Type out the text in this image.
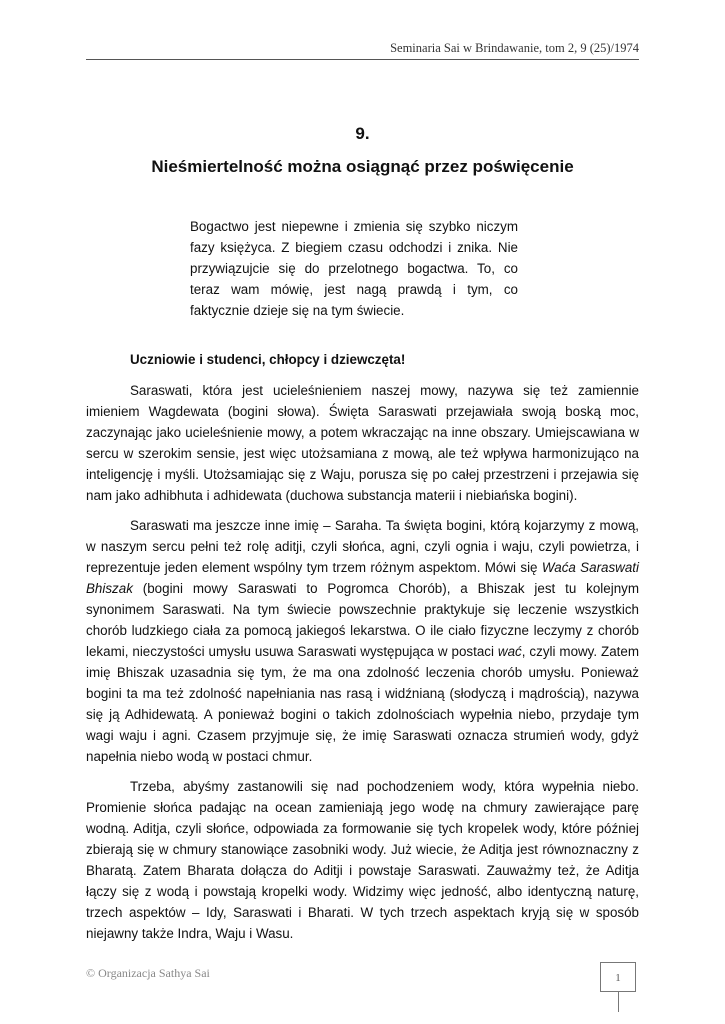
Seminaria Sai w Brindawanie, tom 2, 9 (25)/1974
9.
Nieśmiertelność można osiągnąć przez poświęcenie

Bogactwo jest niepewne i zmienia się szybko niczym fazy księżyca. Z biegiem czasu odchodzi i znika. Nie przywiązujcie się do przelotnego bogactwa. To, co teraz wam mówię, jest nagą prawdą i tym, co faktycznie dzieje się na tym świecie.

Uczniowie i studenci, chłopcy i dziewczęta!

Saraswati, która jest ucieleśnieniem naszej mowy, nazywa się też zamiennie imieniem Wagdewata (bogini słowa). Święta Saraswati przejawiała swoją boską moc, zaczynając jako ucieleśnienie mowy, a potem wkraczając na inne obszary. Umiejscawiana w sercu w szerokim sensie, jest więc utożsamiana z mową, ale też wpływa harmonizująco na inteligencję i myśli. Utożsamiając się z Waju, porusza się po całej przestrzeni i przejawia się nam jako adhibhuta i adhidewata (duchowa substancja materii i niebiańska bogini).

Saraswati ma jeszcze inne imię – Saraha. Ta święta bogini, którą kojarzymy z mową, w naszym sercu pełni też rolę aditji, czyli słońca, agni, czyli ognia i waju, czyli powietrza, i reprezentuje jeden element wspólny tym trzem różnym aspektom. Mówi się Waća Saraswati Bhiszak (bogini mowy Saraswati to Pogromca Chorób), a Bhiszak jest tu kolejnym synonimem Saraswati. Na tym świecie powszechnie praktykuje się leczenie wszystkich chorób ludzkiego ciała za pomocą jakiegoś lekarstwa. O ile ciało fizyczne leczymy z chorób lekami, nieczystości umysłu usuwa Saraswati występująca w postaci wać, czyli mowy. Zatem imię Bhiszak uzasadnia się tym, że ma ona zdolność leczenia chorób umysłu. Ponieważ bogini ta ma też zdolność napełniania nas rasą i widźnianą (słodyczą i mądrością), nazywa się ją Adhidewatą. A ponieważ bogini o takich zdolnościach wypełnia niebo, przydaje tym wagi waju i agni. Czasem przyjmuje się, że imię Saraswati oznacza strumień wody, gdyż napełnia niebo wodą w postaci chmur.

Trzeba, abyśmy zastanowili się nad pochodzeniem wody, która wypełnia niebo. Promienie słońca padając na ocean zamieniają jego wodę na chmury zawierające parę wodną. Aditja, czyli słońce, odpowiada za formowanie się tych kropelek wody, które później zbierają się w chmury stanowiące zasobniki wody. Już wiecie, że Aditja jest równoznaczny z Bharatą. Zatem Bharata dołącza do Aditji i powstaje Saraswati. Zauważmy też, że Aditja łączy się z wodą i powstają kropelki wody. Widzimy więc jedność, albo identyczną naturę, trzech aspektów – Idy, Saraswati i Bharati. W tych trzech aspektach kryją się w sposób niejawny także Indra, Waju i Wasu.

© Organizacja Sathya Sai	1
